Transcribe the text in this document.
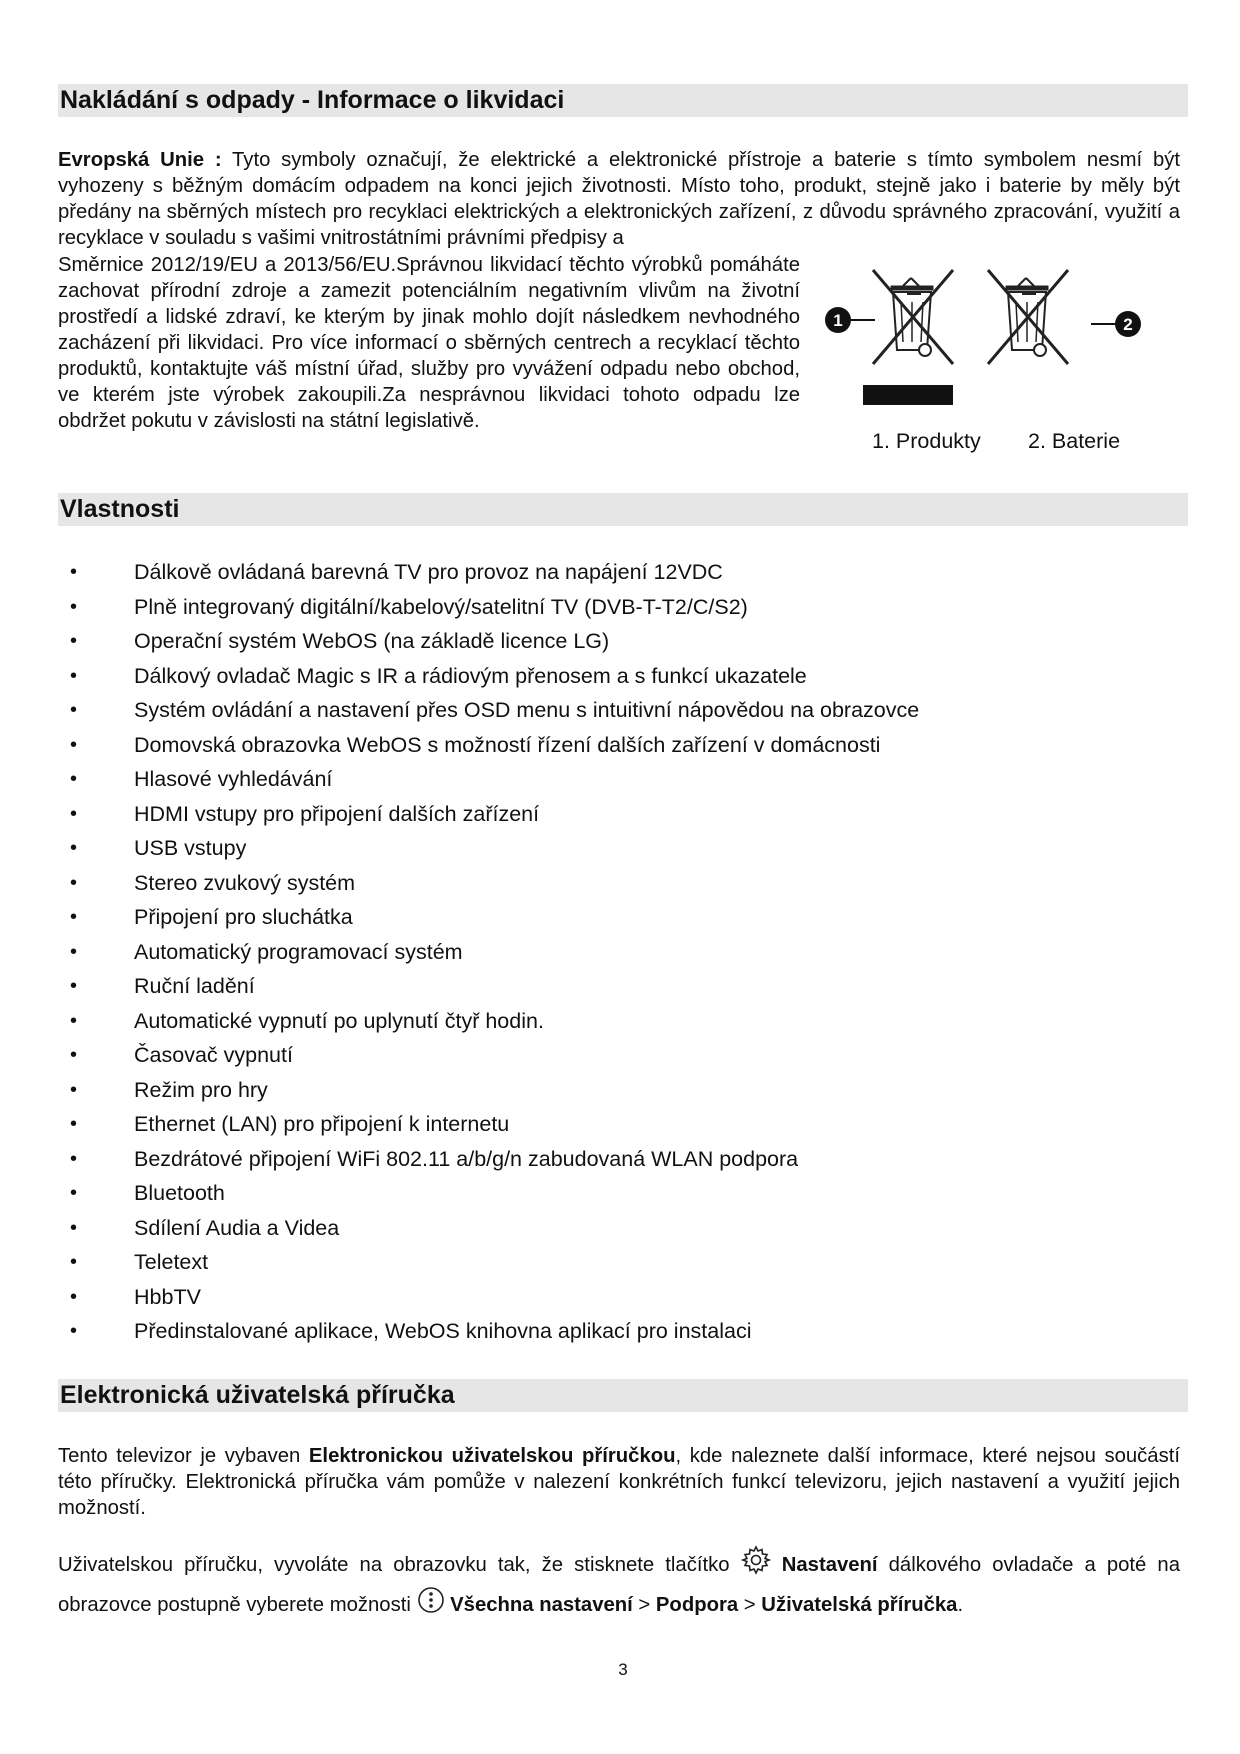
Nakládání s odpady - Informace o likvidaci
Evropská Unie : Tyto symboly označují, že elektrické a elektronické přístroje a baterie s tímto symbolem nesmí být vyhozeny s běžným domácím odpadem na konci jejich životnosti. Místo toho, produkt, stejně jako i baterie by měly být předány na sběrných místech pro recyklaci elektrických a elektronických zařízení, z důvodu správného zpracování, využití a recyklace v souladu s vašimi vnitrostátními právními předpisy a
Směrnice 2012/19/EU a 2013/56/EU.Správnou likvidací těchto výrobků pomáháte zachovat přírodní zdroje a zamezit potenciálním negativním vlivům na životní prostředí a lidské zdraví, ke kterým by jinak mohlo dojít následkem nevhodného zacházení při likvidaci. Pro více informací o sběrných centrech a recyklací těchto produktů, kontaktujte váš místní úřad, služby pro vyvážení odpadu nebo obchod, ve kterém jste výrobek zakoupili.Za nesprávnou likvidaci tohoto odpadu lze obdržet pokutu v závislosti na státní legislativě.
1	2
1. Produkty 2. Baterie
Vlastnosti
•	Dálkově ovládaná barevná TV pro provoz na napájení 12VDC
•	Plně integrovaný digitální/kabelový/satelitní TV (DVB-T-T2/C/S2)
•	Operační systém WebOS (na základě licence LG)
•	Dálkový ovladač Magic s IR a rádiovým přenosem a s funkcí ukazatele
•	Systém ovládání a nastavení přes OSD menu s intuitivní nápovědou na obrazovce
•	Domovská obrazovka WebOS s možností řízení dalších zařízení v domácnosti
•	Hlasové vyhledávání
•	HDMI vstupy pro připojení dalších zařízení
•	USB vstupy
•	Stereo zvukový systém
•	Připojení pro sluchátka
•	Automatický programovací systém
•	Ruční ladění
•	Automatické vypnutí po uplynutí čtyř hodin.
•	Časovač vypnutí
•	Režim pro hry
•	Ethernet (LAN) pro připojení k internetu
•	Bezdrátové připojení WiFi 802.11 a/b/g/n zabudovaná WLAN podpora
•	Bluetooth
•	Sdílení Audia a Videa
•	Teletext
•	HbbTV
•	Předinstalované aplikace, WebOS knihovna aplikací pro instalaci
Elektronická uživatelská příručka
Tento televizor je vybaven Elektronickou uživatelskou příručkou, kde naleznete další informace, které nejsou součástí této příručky. Elektronická příručka vám pomůže v nalezení konkrétních funkcí televizoru, jejich nastavení a využití jejich možností.
Uživatelskou příručku, vyvoláte na obrazovku tak, že stisknete tlačítko  Nastavení dálkového ovladače a poté na obrazovce postupně vyberete možnosti  Všechna nastavení > Podpora > Uživatelská příručka.
3
